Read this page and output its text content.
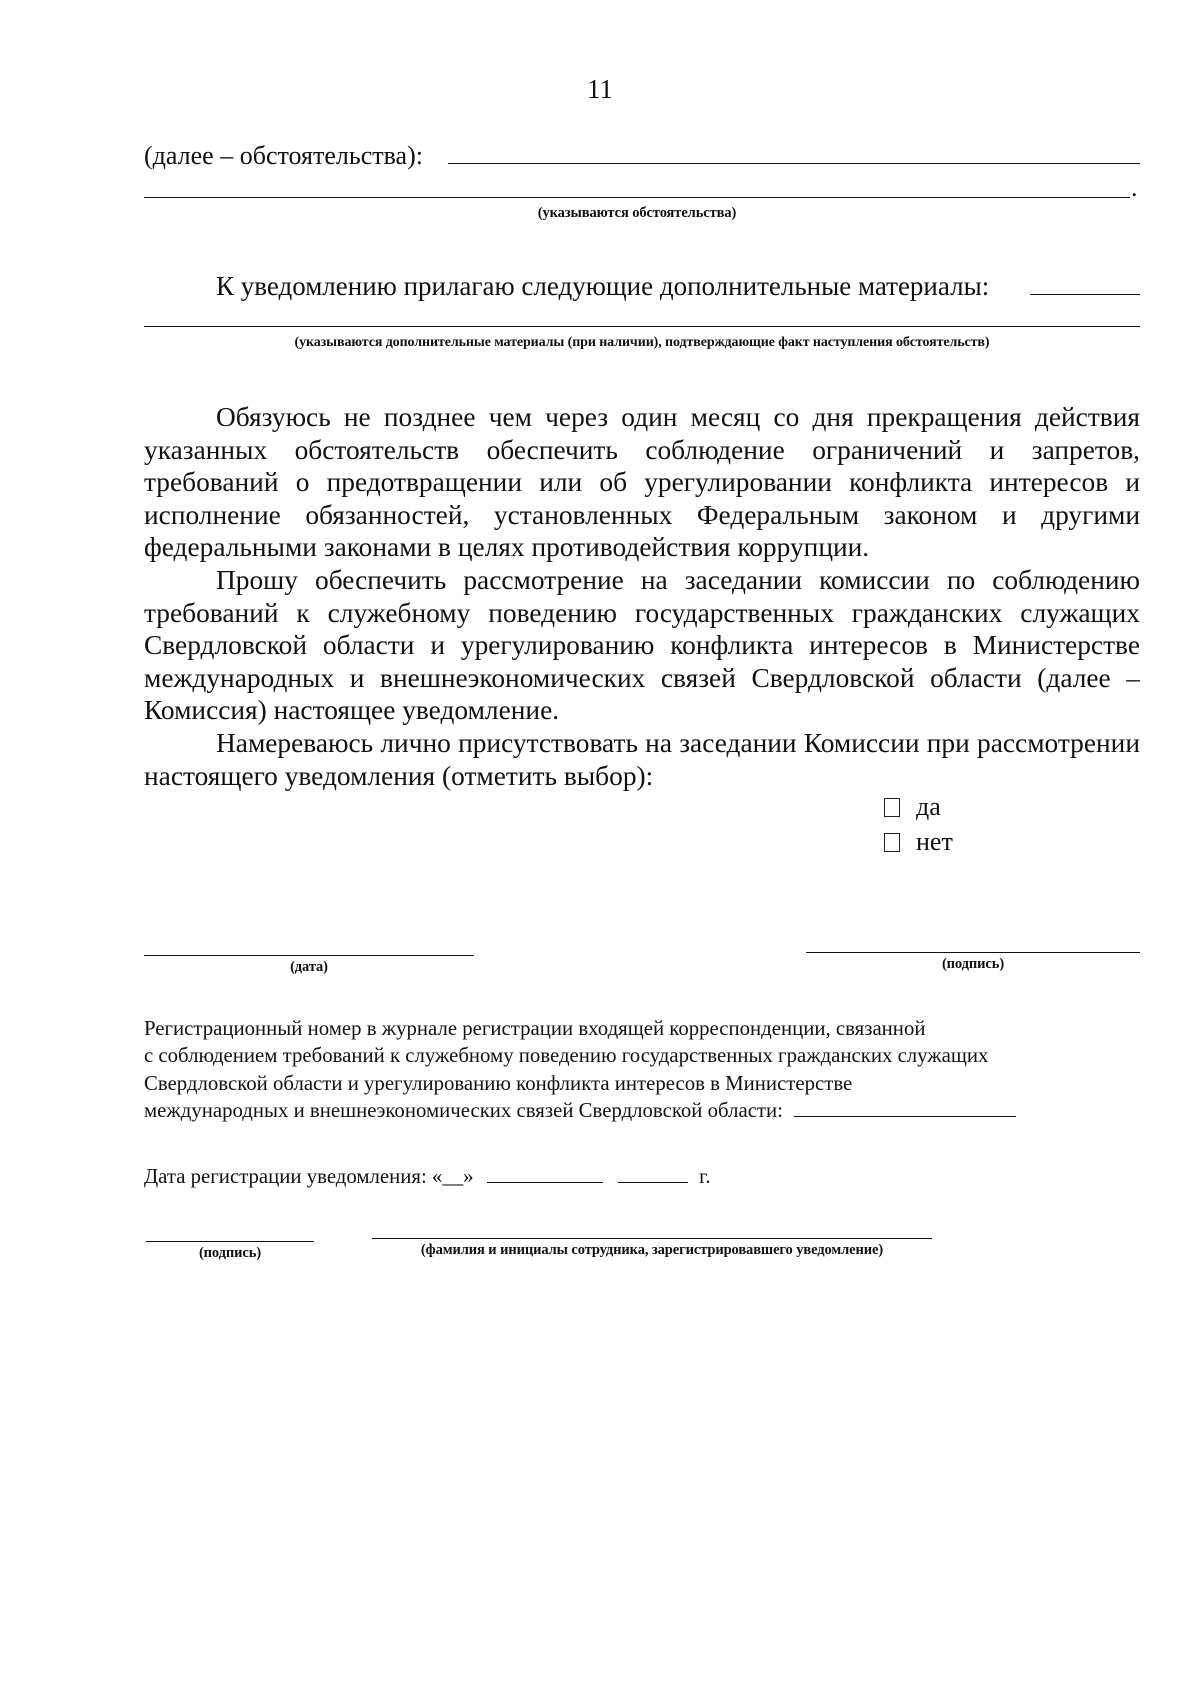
11
(далее – обстоятельства):
.
(указываются обстоятельства)
К уведомлению прилагаю следующие дополнительные материалы:
(указываются дополнительные материалы (при наличии), подтверждающие факт наступления обстоятельств)

Обязуюсь не позднее чем через один месяц со дня прекращения действия указанных обстоятельств обеспечить соблюдение ограничений и запретов, требований о предотвращении или об урегулировании конфликта интересов и исполнение обязанностей, установленных Федеральным законом и другими федеральными законами в целях противодействия коррупции.

Прошу обеспечить рассмотрение на заседании комиссии по соблюдению требований к служебному поведению государственных гражданских служащих Свердловской области и урегулированию конфликта интересов в Министерстве международных и внешнеэкономических связей Свердловской области (далее – Комиссия) настоящее уведомление.

Намереваюсь лично присутствовать на заседании Комиссии при рассмотрении настоящего уведомления (отметить выбор):

да
нет
(дата)	(подпись)
Регистрационный номер в журнале регистрации входящей корреспонденции, связанной
с соблюдением требований к служебному поведению государственных гражданских служащих
Свердловской области и урегулированию конфликта интересов в Министерстве
международных и внешнеэкономических связей Свердловской области:
Дата регистрации уведомления: «__»	г.
(подпись)	(фамилия и инициалы сотрудника, зарегистрировавшего уведомление)
